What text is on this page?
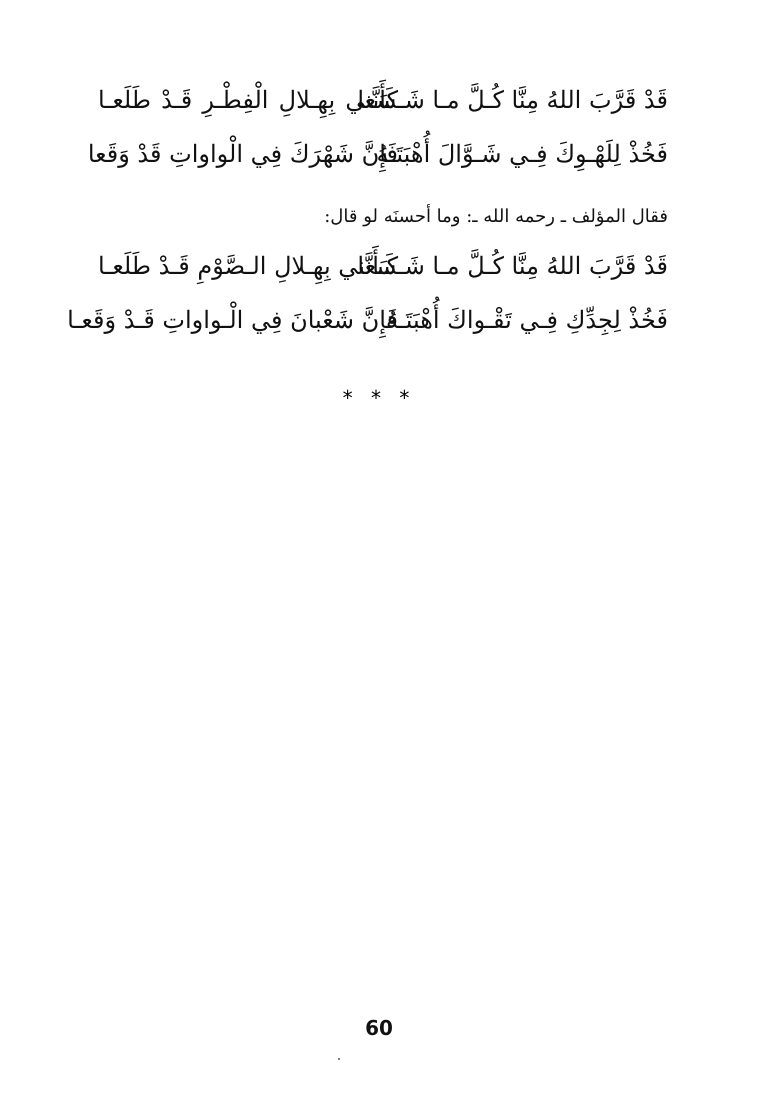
قَدْ قَرَّبَ اللهُ مِنَّا كُـلَّ مـا شَـسَعا
كَأَنَّني بِهِـلالِ الْفِطْـرِ قَـدْ طَلَعـا
فَخُذْ لِلَهْـوِكَ فِـي شَـوَّالَ أُهْبَتَـهُ
فَإِنَّ شَهْرَكَ فِي الْواواتِ قَدْ وَقَعا
فقال المؤلف ـ رحمه الله ـ: وما أحسنَه لو قال:
قَدْ قَرَّبَ اللهُ مِنَّا كُـلَّ مـا شَـسَعا
كَـأَنَّني بِهِـلالِ الـصَّوْمِ قَـدْ طَلَعـا
فَخُذْ لِجِدِّكِ فِـي تَقْـواكَ أُهْبَتَـهُ
فَإِنَّ شَعْبانَ فِي الْـواواتِ قَـدْ وَقَعـا
* * *
60
